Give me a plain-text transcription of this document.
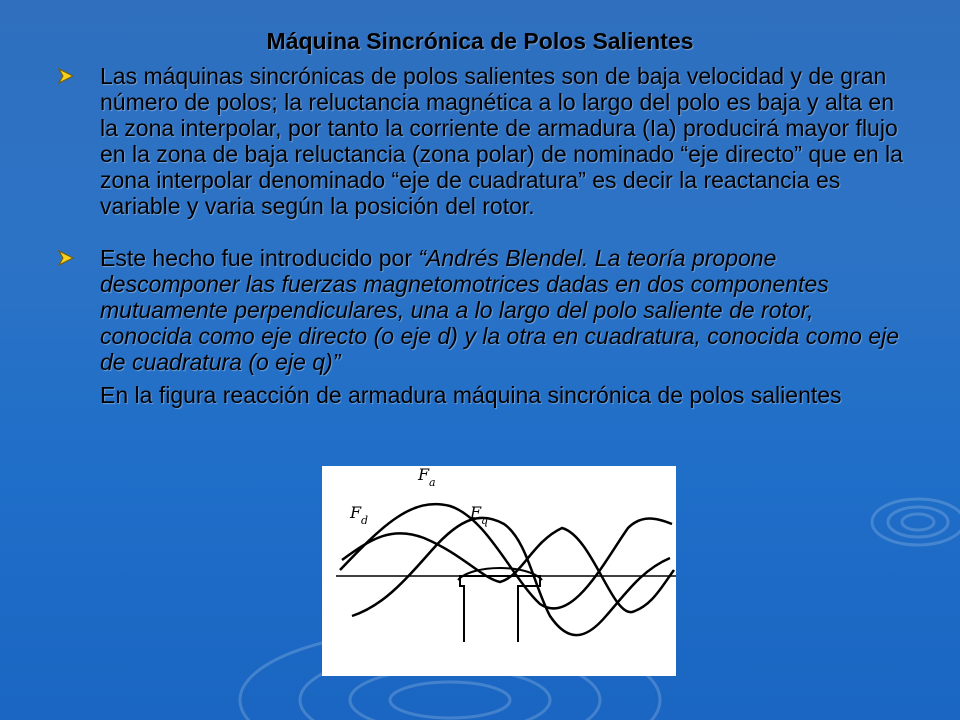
Máquina Sincrónica de Polos Salientes
Las máquinas sincrónicas de polos salientes son de baja velocidad y de gran número de polos; la reluctancia magnética a lo largo del polo es baja y alta en la zona interpolar, por tanto la corriente de armadura (Ia) producirá mayor flujo en la zona de baja reluctancia (zona polar) de nominado “eje directo” que en la zona interpolar denominado “eje de cuadratura” es decir la reactancia es variable y varia según la posición del rotor.
Este hecho fue introducido por “Andrés Blendel. La teoría propone descomponer las fuerzas magnetomotrices dadas en dos componentes mutuamente perpendiculares, una a lo largo del polo saliente de rotor, conocida como eje directo (o eje d) y la otra en cuadratura, conocida como eje de cuadratura (o eje q)”
En la figura reacción de armadura máquina sincrónica de polos salientes
F a
F d	F q
